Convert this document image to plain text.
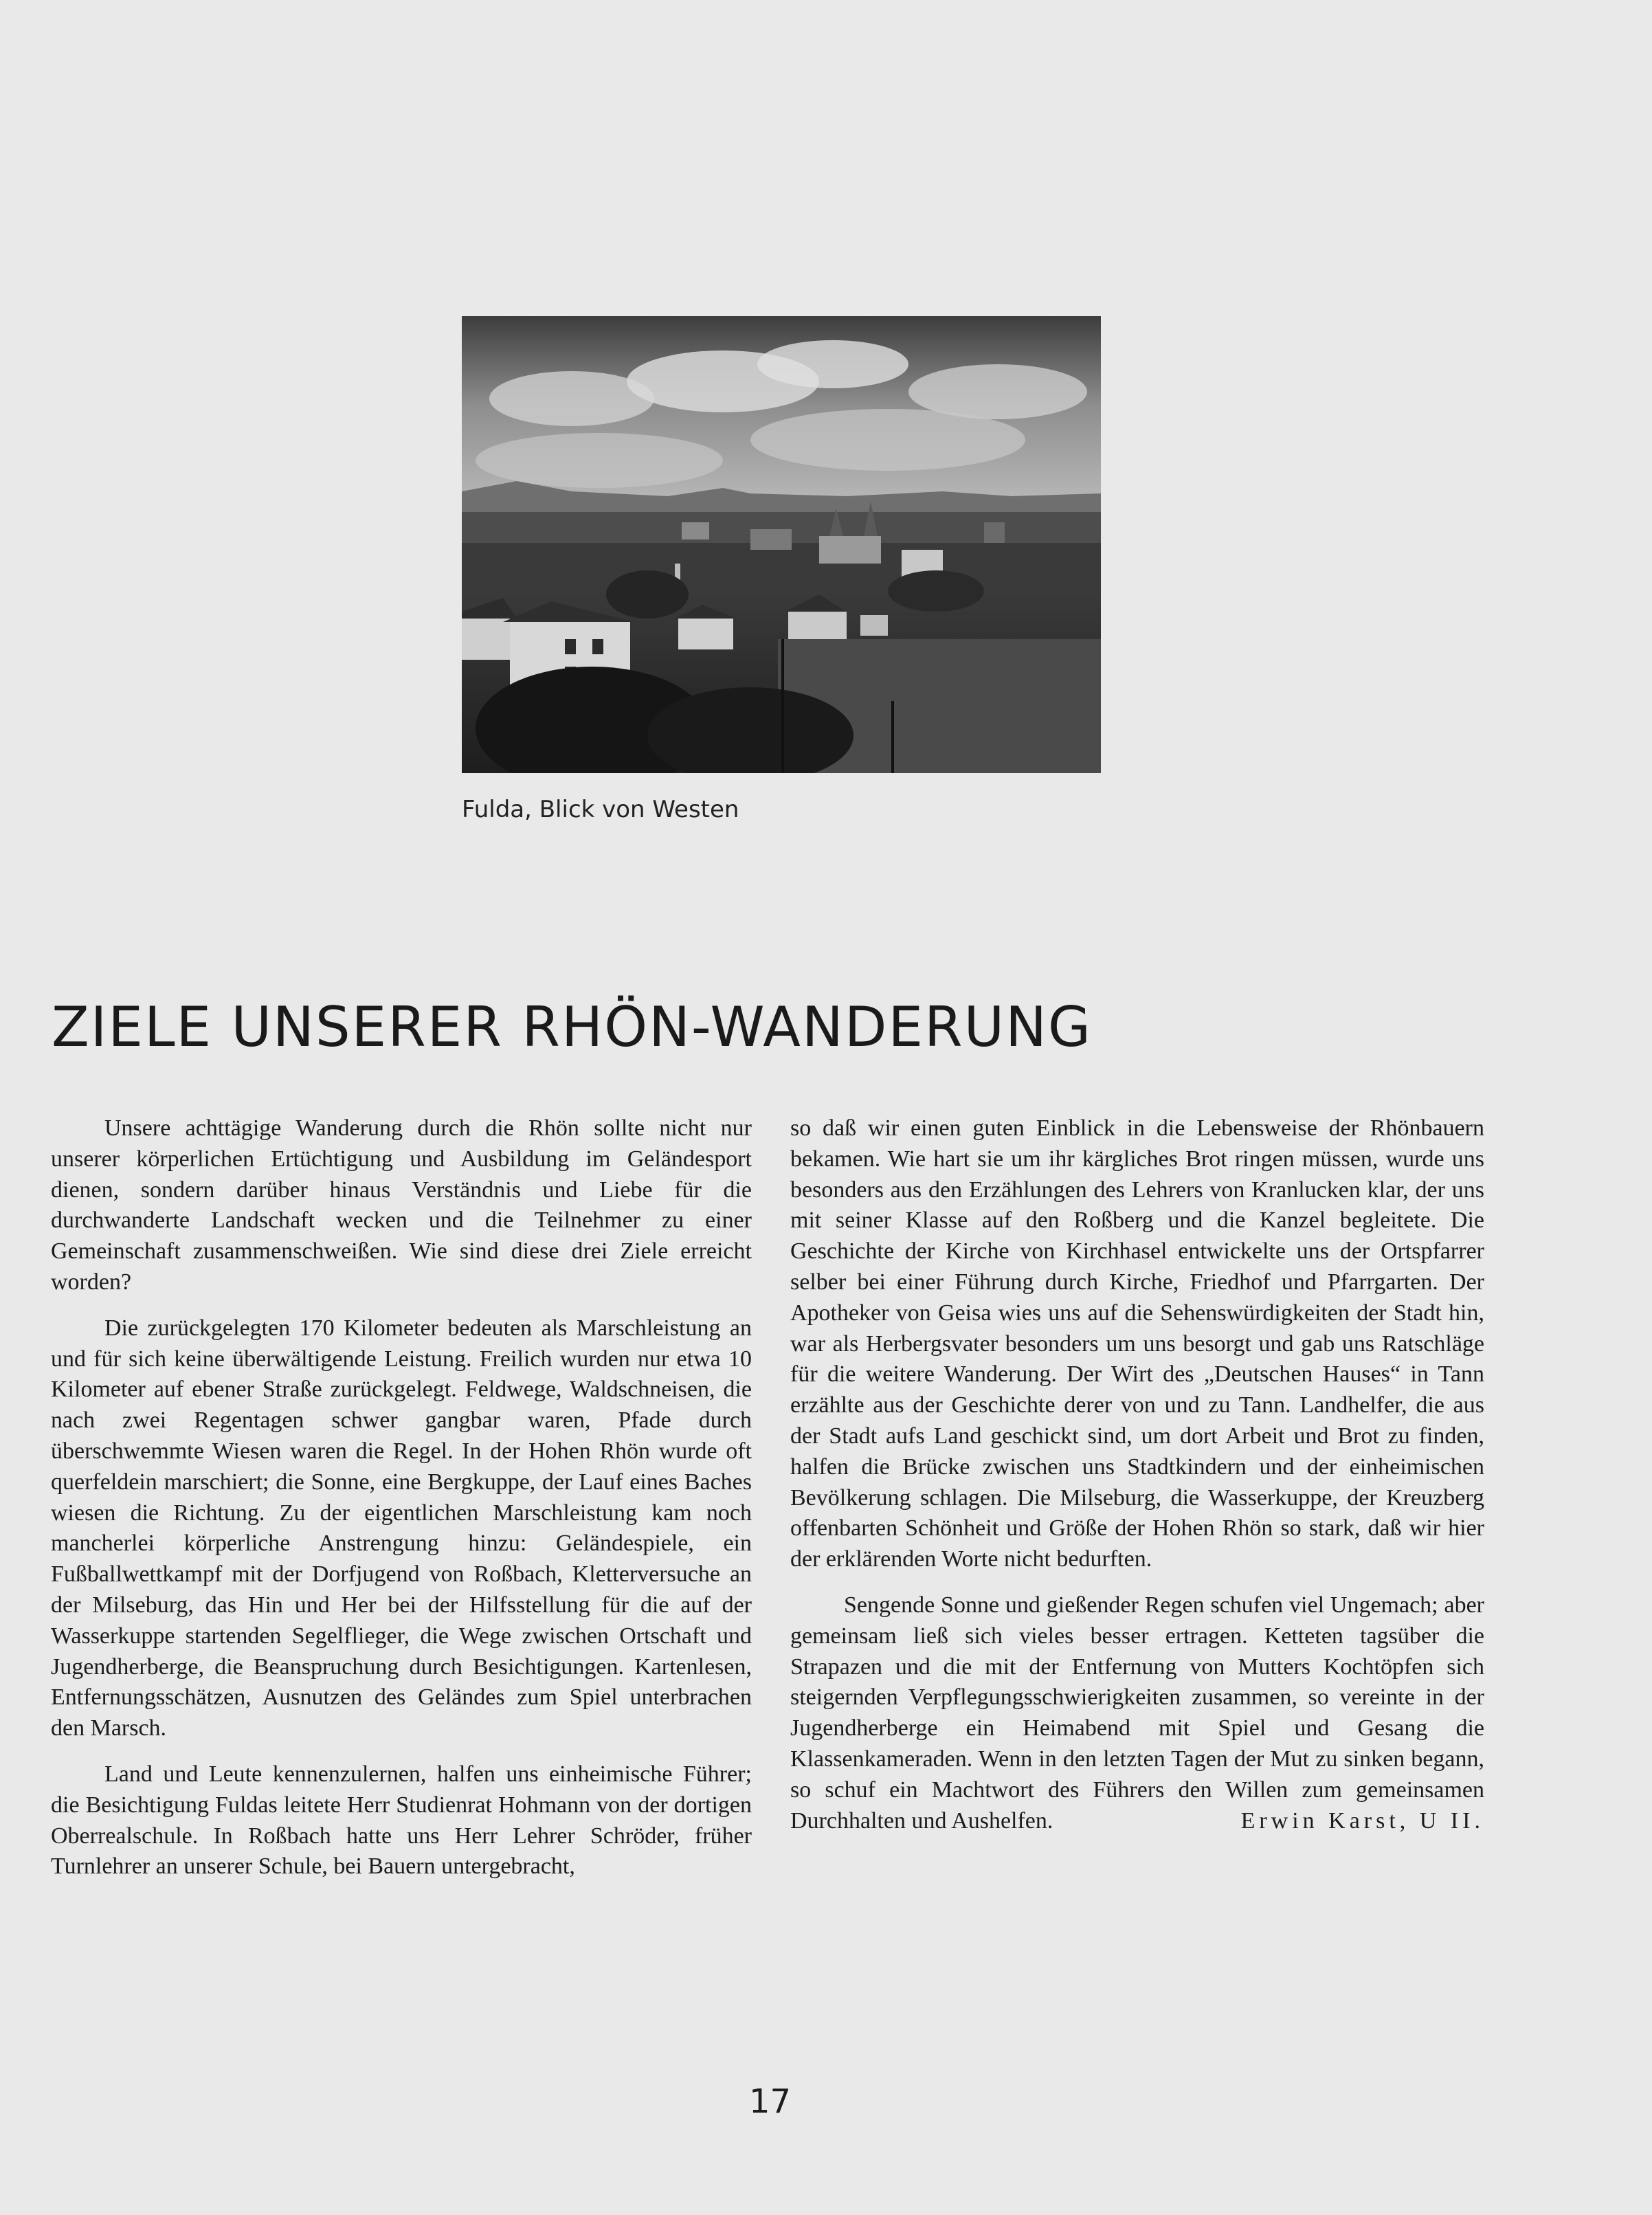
Fulda, Blick von Westen
ZIELE UNSERER RHÖN-WANDERUNG

Unsere achttägige Wanderung durch die Rhön sollte nicht nur unserer körperlichen Ertüchtigung und Ausbildung im Geländesport dienen, sondern darüber hinaus Verständnis und Liebe für die durchwanderte Landschaft wecken und die Teilnehmer zu einer Gemeinschaft zusammenschweißen. Wie sind diese drei Ziele erreicht worden?

Die zurückgelegten 170 Kilometer bedeuten als Marschleistung an und für sich keine überwältigende Leistung. Freilich wurden nur etwa 10 Kilometer auf ebener Straße zurückgelegt. Feldwege, Waldschneisen, die nach zwei Regentagen schwer gangbar waren, Pfade durch überschwemmte Wiesen waren die Regel. In der Hohen Rhön wurde oft querfeldein marschiert; die Sonne, eine Bergkuppe, der Lauf eines Baches wiesen die Richtung. Zu der eigentlichen Marschleistung kam noch mancherlei körperliche Anstrengung hinzu: Geländespiele, ein Fußballwettkampf mit der Dorfjugend von Roßbach, Kletterversuche an der Milseburg, das Hin und Her bei der Hilfsstellung für die auf der Wasserkuppe startenden Segelflieger, die Wege zwischen Ortschaft und Jugendherberge, die Beanspruchung durch Besichtigungen. Kartenlesen, Entfernungsschätzen, Ausnutzen des Geländes zum Spiel unterbrachen den Marsch.

Land und Leute kennenzulernen, halfen uns einheimische Führer; die Besichtigung Fuldas leitete Herr Studienrat Hohmann von der dortigen Oberrealschule. In Roßbach hatte uns Herr Lehrer Schröder, früher Turnlehrer an unserer Schule, bei Bauern untergebracht,

so daß wir einen guten Einblick in die Lebensweise der Rhönbauern bekamen. Wie hart sie um ihr kärgliches Brot ringen müssen, wurde uns besonders aus den Erzählungen des Lehrers von Kranlucken klar, der uns mit seiner Klasse auf den Roßberg und die Kanzel begleitete. Die Geschichte der Kirche von Kirchhasel entwickelte uns der Ortspfarrer selber bei einer Führung durch Kirche, Friedhof und Pfarrgarten. Der Apotheker von Geisa wies uns auf die Sehenswürdigkeiten der Stadt hin, war als Herbergsvater besonders um uns besorgt und gab uns Ratschläge für die weitere Wanderung. Der Wirt des „Deutschen Hauses“ in Tann erzählte aus der Geschichte derer von und zu Tann. Landhelfer, die aus der Stadt aufs Land geschickt sind, um dort Arbeit und Brot zu finden, halfen die Brücke zwischen uns Stadtkindern und der einheimischen Bevölkerung schlagen. Die Milseburg, die Wasserkuppe, der Kreuzberg offenbarten Schönheit und Größe der Hohen Rhön so stark, daß wir hier der erklärenden Worte nicht bedurften.

Sengende Sonne und gießender Regen schufen viel Ungemach; aber gemeinsam ließ sich vieles besser ertragen. Ketteten tagsüber die Strapazen und die mit der Entfernung von Mutters Kochtöpfen sich steigernden Verpflegungsschwierigkeiten zusammen, so vereinte in der Jugendherberge ein Heimabend mit Spiel und Gesang die Klassenkameraden. Wenn in den letzten Tagen der Mut zu sinken begann, so schuf ein Machtwort des Führers den Willen zum gemeinsamen Durchhalten und Aushelfen.	Erwin Karst, U II.

17
